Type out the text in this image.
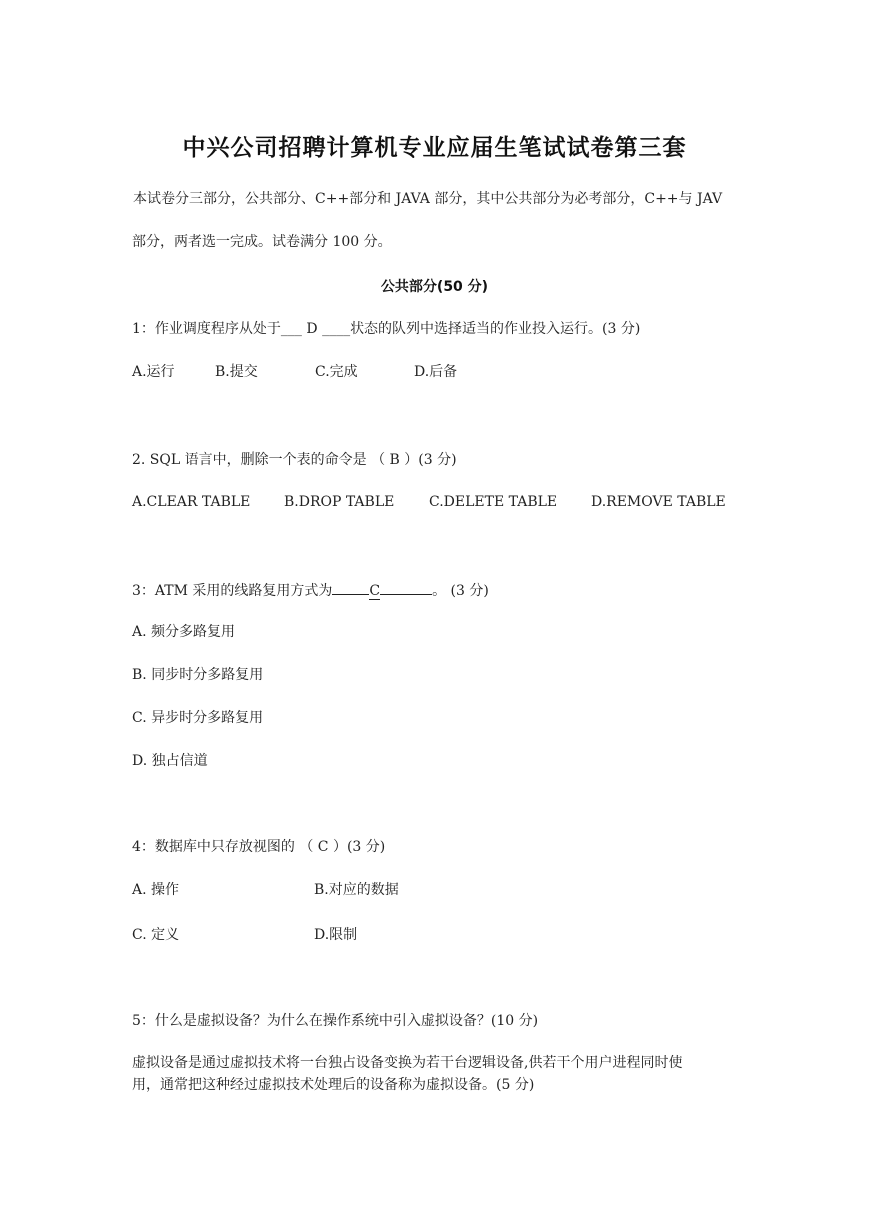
中兴公司招聘计算机专业应届生笔试试卷第三套
本试卷分三部分，公共部分、C++部分和 JAVA 部分，其中公共部分为必考部分，C++与 JAV
部分，两者选一完成。试卷满分 100 分。
公共部分(50 分)
1：作业调度程序从处于___ D ____状态的队列中选择适当的作业投入运行。(3 分)
A.运行	B.提交	C.完成	D.后备
2. SQL 语言中，删除一个表的命令是 （ B ）(3 分)
A.CLEAR TABLE B.DROP TABLE C.DELETE TABLE D.REMOVE TABLE
3：ATM 采用的线路复用方式为	C	。 (3 分)
A. 频分多路复用
B. 同步时分多路复用
C. 异步时分多路复用
D. 独占信道
4：数据库中只存放视图的 （ C ）(3 分)
A. 操作	B.对应的数据
C. 定义	D.限制
5：什么是虚拟设备？为什么在操作系统中引入虚拟设备？(10 分)
虚拟设备是通过虚拟技术将一台独占设备变换为若干台逻辑设备,供若干个用户进程同时使
用，通常把这种经过虚拟技术处理后的设备称为虚拟设备。(5 分)
